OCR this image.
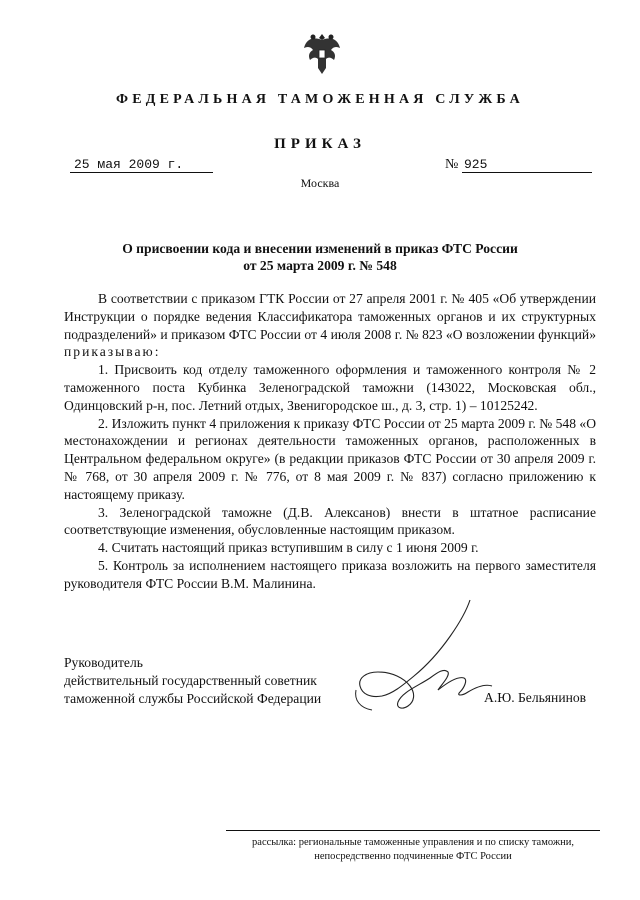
ФЕДЕРАЛЬНАЯ ТАМОЖЕННАЯ СЛУЖБА
ПРИКАЗ
25 мая 2009 г.	№ 925
Москва
О присвоении кода и внесении изменений в приказ ФТС России
от 25 марта 2009 г. № 548

В соответствии с приказом ГТК России от 27 апреля 2001 г. № 405 «Об утверждении Инструкции о порядке ведения Классификатора таможенных органов и их структурных подразделений» и приказом ФТС России от 4 июля 2008 г. № 823 «О возложении функций» приказываю:

1. Присвоить код отделу таможенного оформления и таможенного контроля № 2 таможенного поста Кубинка Зеленоградской таможни (143022, Московская обл., Одинцовский р-н, пос. Летний отдых, Звенигородское ш., д. 3, стр. 1) – 10125242.

2. Изложить пункт 4 приложения к приказу ФТС России от 25 марта 2009 г. № 548 «О местонахождении и регионах деятельности таможенных органов, расположенных в Центральном федеральном округе» (в редакции приказов ФТС России от 30 апреля 2009 г. № 768, от 30 апреля 2009 г. № 776, от 8 мая 2009 г. № 837) согласно приложению к настоящему приказу.

3. Зеленоградской таможне (Д.В. Алексанов) внести в штатное расписание соответствующие изменения, обусловленные настоящим приказом.

4. Считать настоящий приказ вступившим в силу с 1 июня 2009 г.

5. Контроль за исполнением настоящего приказа возложить на первого заместителя руководителя ФТС России В.М. Малинина.

Руководитель
действительный государственный советник
таможенной службы Российской Федерации	А.Ю. Бельянинов
рассылка: региональные таможенные управления и по списку таможни,
непосредственно подчиненные ФТС России
